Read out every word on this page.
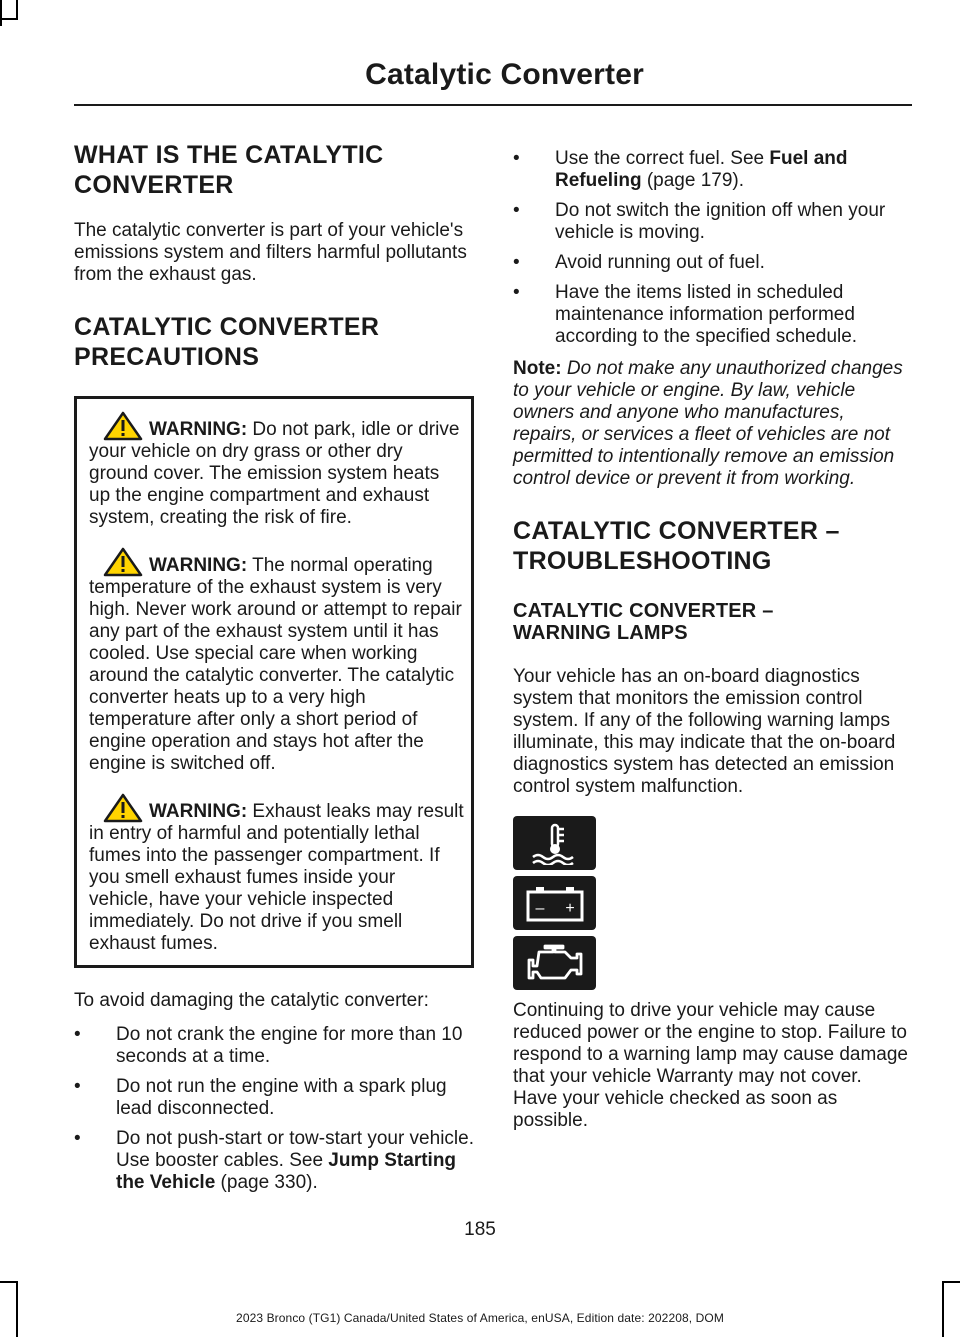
Catalytic Converter
WHAT IS THE CATALYTIC
CONVERTER

The catalytic converter is part of your vehicle's emissions system and filters harmful pollutants from the exhaust gas.

CATALYTIC CONVERTER
PRECAUTIONS
WARNING: Do not park, idle or drive your vehicle on dry grass or other dry ground cover. The emission system heats up the engine compartment and exhaust system, creating the risk of fire.
WARNING: The normal operating temperature of the exhaust system is very high. Never work around or attempt to repair any part of the exhaust system until it has cooled. Use special care when working around the catalytic converter. The catalytic converter heats up to a very high temperature after only a short period of engine operation and stays hot after the engine is switched off.
WARNING: Exhaust leaks may result in entry of harmful and potentially lethal fumes into the passenger compartment. If you smell exhaust fumes inside your vehicle, have your vehicle inspected immediately. Do not drive if you smell exhaust fumes.

To avoid damaging the catalytic converter:

• Do not crank the engine for more than 10 seconds at a time.
• Do not run the engine with a spark plug lead disconnected.
• Do not push-start or tow-start your vehicle. Use booster cables. See Jump Starting the Vehicle (page 330).
• Use the correct fuel. See Fuel and Refueling (page 179).
• Do not switch the ignition off when your vehicle is moving.
• Avoid running out of fuel.
• Have the items listed in scheduled maintenance information performed according to the specified schedule.

Note: Do not make any unauthorized changes to your vehicle or engine. By law, vehicle owners and anyone who manufactures, repairs, or services a fleet of vehicles are not permitted to intentionally remove an emission control device or prevent it from working.

CATALYTIC CONVERTER –
TROUBLESHOOTING
CATALYTIC CONVERTER –
WARNING LAMPS

Your vehicle has an on-board diagnostics system that monitors the emission control system. If any of the following warning lamps illuminate, this may indicate that the on-board diagnostics system has detected an emission control system malfunction.

– +

Continuing to drive your vehicle may cause reduced power or the engine to stop. Failure to respond to a warning lamp may cause damage that your vehicle Warranty may not cover. Have your vehicle checked as soon as possible.

185
2023 Bronco (TG1) Canada/United States of America, enUSA, Edition date: 202208, DOM
